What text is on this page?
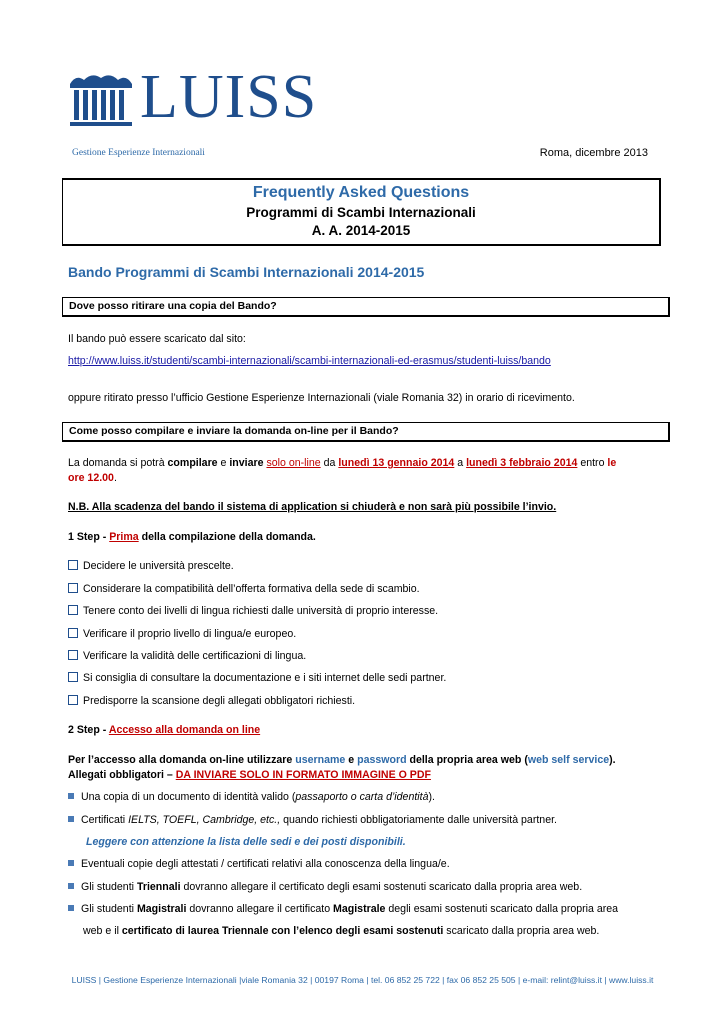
LUISS
Gestione Esperienze Internazionali	Roma, dicembre 2013
Frequently Asked Questions
Programmi di Scambi Internazionali
A. A. 2014-2015
Bando Programmi di Scambi Internazionali 2014-2015
Dove posso ritirare una copia del Bando?
Il bando può essere scaricato dal sito:
http://www.luiss.it/studenti/scambi-internazionali/scambi-internazionali-ed-erasmus/studenti-luiss/bando
oppure ritirato presso l’ufficio Gestione Esperienze Internazionali (viale Romania 32) in orario di ricevimento.
Come posso compilare e inviare la domanda on-line per il Bando?
La domanda si potrà compilare e inviare solo on-line da lunedì 13 gennaio 2014 a lunedì 3 febbraio 2014 entro le
ore 12.00.
N.B. Alla scadenza del bando il sistema di application si chiuderà e non sarà più possibile l’invio.
1 Step - Prima della compilazione della domanda.
Decidere le università prescelte.
Considerare la compatibilità dell’offerta formativa della sede di scambio.
Tenere conto dei livelli di lingua richiesti dalle università di proprio interesse.
Verificare il proprio livello di lingua/e europeo.
Verificare la validità delle certificazioni di lingua.
Si consiglia di consultare la documentazione e i siti internet delle sedi partner.
Predisporre la scansione degli allegati obbligatori richiesti.
2 Step - Accesso alla domanda on line
Per l’accesso alla domanda on-line utilizzare username e password della propria area web (web self service).
Allegati obbligatori – DA INVIARE SOLO IN FORMATO IMMAGINE O PDF
Una copia di un documento di identità valido (passaporto o carta d’identità).
Certificati IELTS, TOEFL, Cambridge, etc., quando richiesti obbligatoriamente dalle università partner.
Leggere con attenzione la lista delle sedi e dei posti disponibili.
Eventuali copie degli attestati / certificati relativi alla conoscenza della lingua/e.
Gli studenti Triennali dovranno allegare il certificato degli esami sostenuti scaricato dalla propria area web.
Gli studenti Magistrali dovranno allegare il certificato Magistrale degli esami sostenuti scaricato dalla propria area
web e il certificato di laurea Triennale con l’elenco degli esami sostenuti scaricato dalla propria area web.
LUISS | Gestione Esperienze Internazionali |viale Romania 32 | 00197 Roma | tel. 06 852 25 722 | fax 06 852 25 505 | e-mail: relint@luiss.it | www.luiss.it
